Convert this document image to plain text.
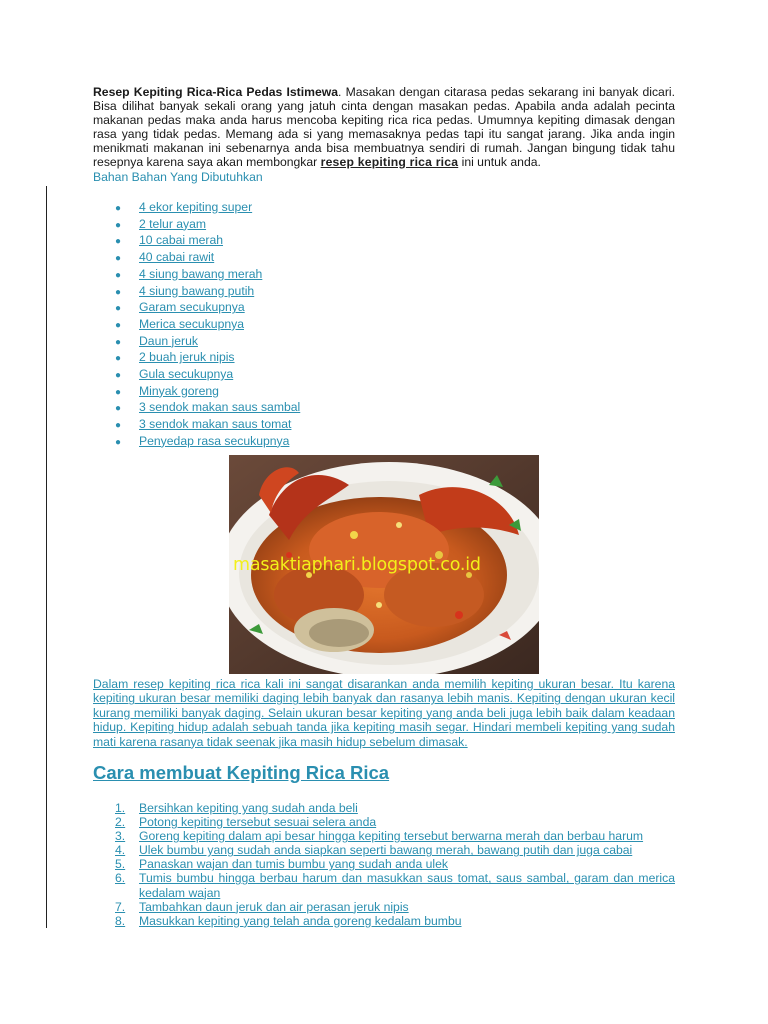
Resep Kepiting Rica-Rica Pedas Istimewa. Masakan dengan citarasa pedas sekarang ini banyak dicari. Bisa dilihat banyak sekali orang yang jatuh cinta dengan masakan pedas. Apabila anda adalah pecinta makanan pedas maka anda harus mencoba kepiting rica rica pedas. Umumnya kepiting dimasak dengan rasa yang tidak pedas. Memang ada si yang memasaknya pedas tapi itu sangat jarang. Jika anda ingin menikmati makanan ini sebenarnya anda bisa membuatnya sendiri di rumah. Jangan bingung tidak tahu resepnya karena saya akan membongkar resep kepiting rica rica ini untuk anda.

Bahan Bahan Yang Dibutuhkan

● 4 ekor kepiting super
● 2 telur ayam
● 10 cabai merah
● 40 cabai rawit
● 4 siung bawang merah
● 4 siung bawang putih
● Garam secukupnya
● Merica secukupnya
● Daun jeruk
● 2 buah jeruk nipis
● Gula secukupnya
● Minyak goreng
● 3 sendok makan saus sambal
● 3 sendok makan saus tomat
● Penyedap rasa secukupnya
masaktiaphari.blogspot.co.id

Dalam resep kepiting rica rica kali ini sangat disarankan anda memilih kepiting ukuran besar. Itu karena kepiting ukuran besar memiliki daging lebih banyak dan rasanya lebih manis. Kepiting dengan ukuran kecil kurang memiliki banyak daging. Selain ukuran besar kepiting yang anda beli juga lebih baik dalam keadaan hidup. Kepiting hidup adalah sebuah tanda jika kepiting masih segar. Hindari membeli kepiting yang sudah mati karena rasanya tidak seenak jika masih hidup sebelum dimasak.

Cara membuat Kepiting Rica Rica
1.	Bersihkan kepiting yang sudah anda beli
2.	Potong kepiting tersebut sesuai selera anda
3.	Goreng kepiting dalam api besar hingga kepiting tersebut berwarna merah dan berbau harum
4.	Ulek bumbu yang sudah anda siapkan seperti bawang merah, bawang putih dan juga cabai
5.	Panaskan wajan dan tumis bumbu yang sudah anda ulek
6.	Tumis bumbu hingga berbau harum dan masukkan saus tomat, saus sambal, garam dan merica kedalam wajan
7.	Tambahkan daun jeruk dan air perasan jeruk nipis
8.	Masukkan kepiting yang telah anda goreng kedalam bumbu
